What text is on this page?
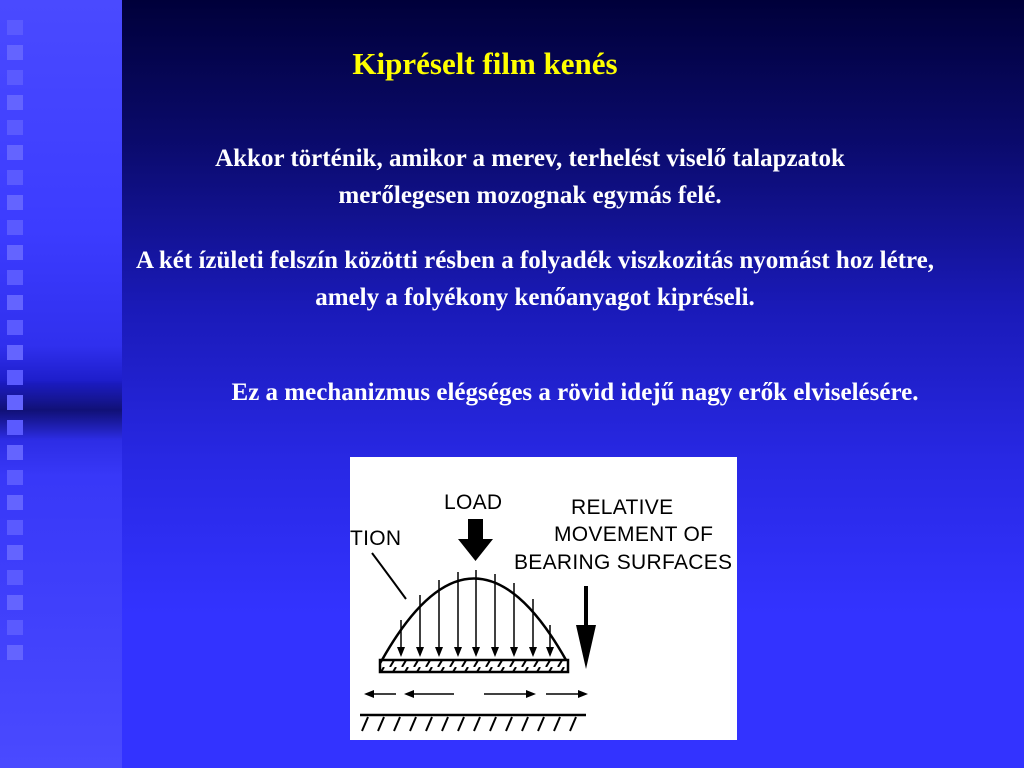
Kipréselt film kenés

Akkor történik, amikor a merev, terhelést viselő talapzatok merőlegesen mozognak egymás felé.

A két ízületi felszín közötti résben a folyadék viszkozitás nyomást hoz létre, amely a folyékony kenőanyagot kipréseli.

Ez a mechanizmus elégséges a rövid idejű nagy erők elviselésére.

TION
LOAD	RELATIVE
MOVEMENT OF
BEARING SURFACES
